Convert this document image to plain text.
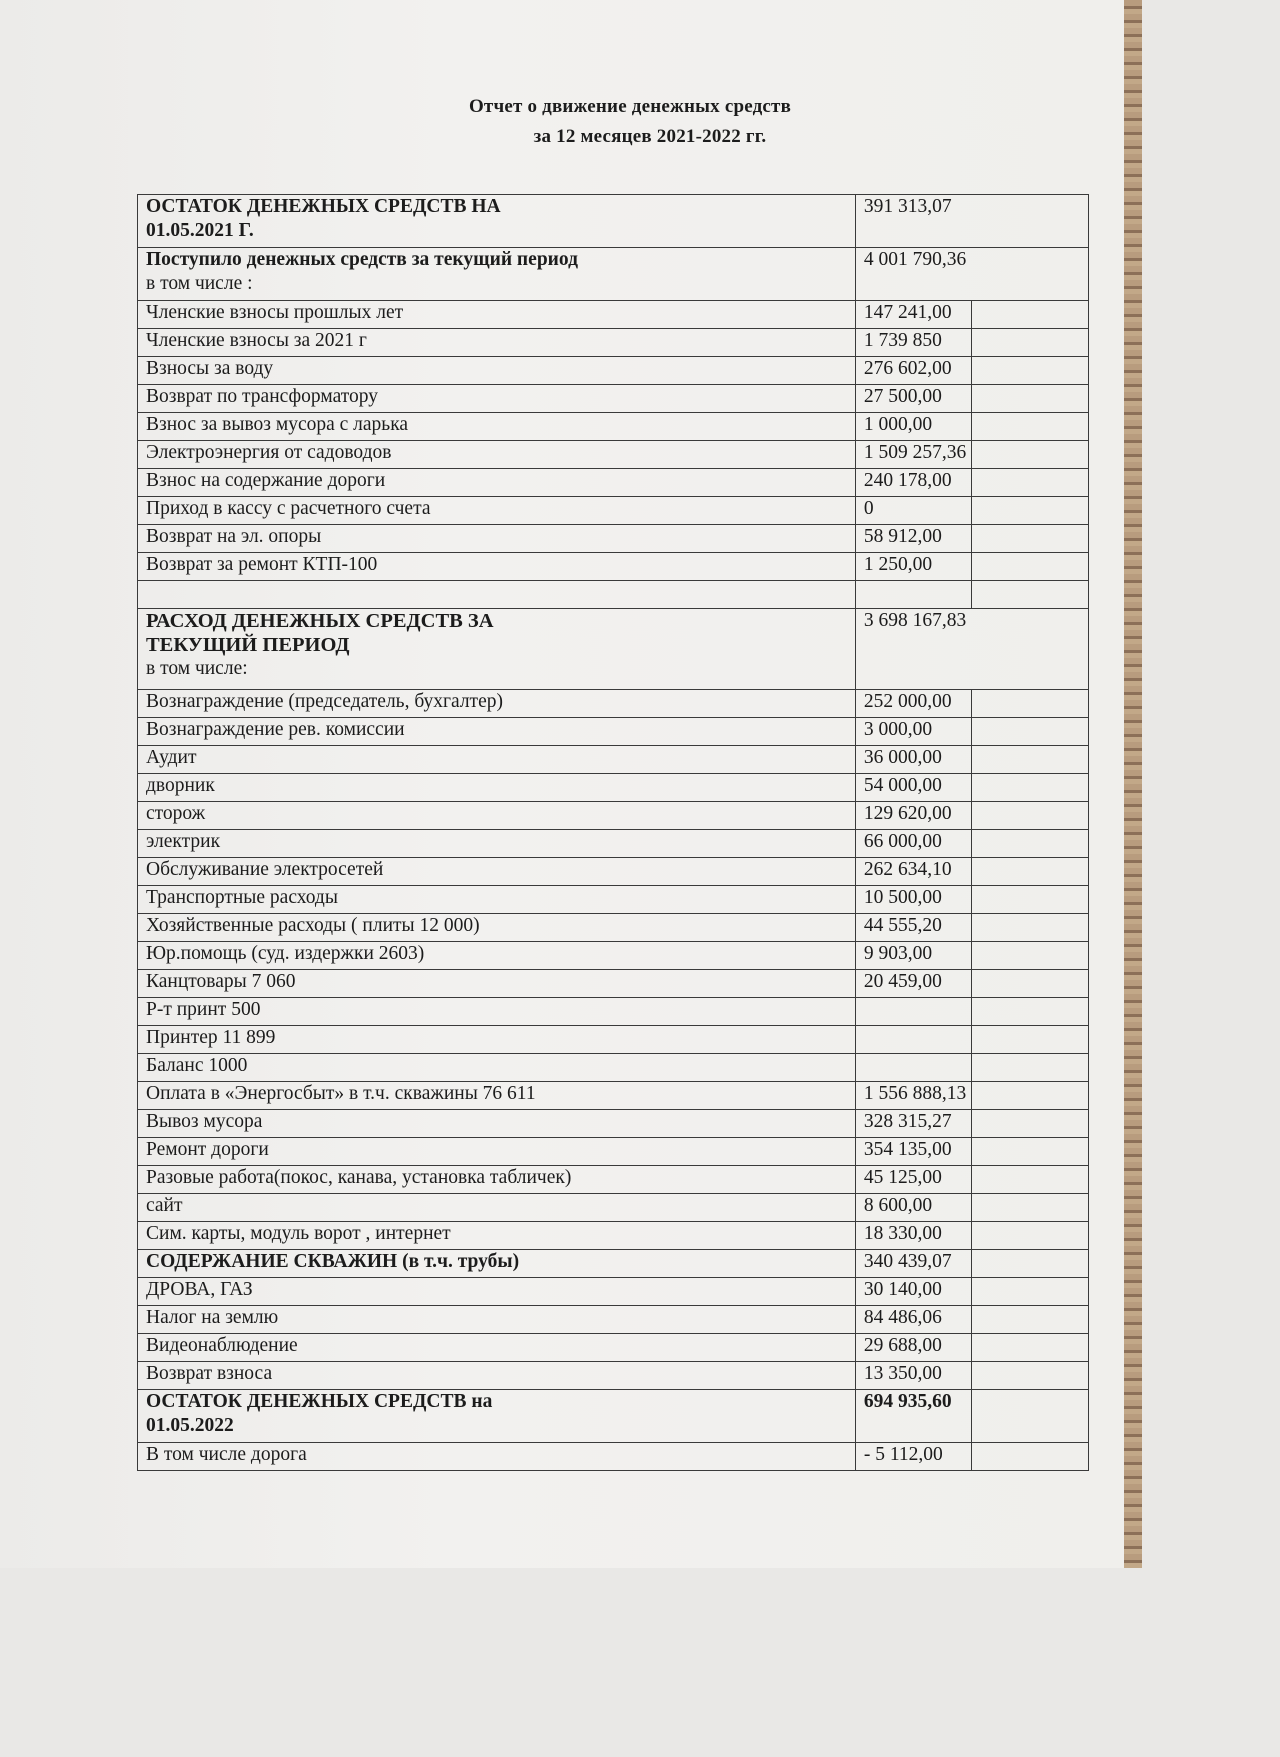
Отчет о движение денежных средств
за 12 месяцев 2021-2022 гг.
ОСТАТОК ДЕНЕЖНЫХ СРЕДСТВ НА
01.05.2021 Г.	391 313,07	

Поступило денежных средств за текущий период
в том числе :	4 001 790,36	
Членские взносы прошлых лет	147 241,00	
Членские взносы за 2021 г	1 739 850	
Взносы за воду	276 602,00	
Возврат по трансформатору	27 500,00	
Взнос за вывоз мусора с ларька	1 000,00	
Электроэнергия от садоводов	1 509 257,36	
Взнос на содержание дороги	240 178,00	
Приход в кассу с расчетного счета	0	
Возврат на эл. опоры	58 912,00	
Возврат за ремонт КТП-100	1 250,00	

РАСХОД ДЕНЕЖНЫХ СРЕДСТВ ЗА
ТЕКУЩИЙ ПЕРИОД
в том числе:	3 698 167,83	
Вознаграждение (председатель, бухгалтер)	252 000,00	
Вознаграждение рев. комиссии	3 000,00	
Аудит	36 000,00	
дворник	54 000,00	
сторож	129 620,00	
электрик	66 000,00	
Обслуживание электросетей	262 634,10	
Транспортные расходы	10 500,00	
Хозяйственные расходы ( плиты 12 000)	44 555,20	
Юр.помощь (суд. издержки 2603)	9 903,00	
Канцтовары 7 060	20 459,00	
Р-т принт 500		
Принтер 11 899		
Баланс 1000		
Оплата в «Энергосбыт» в т.ч. скважины 76 611	1 556 888,13	
Вывоз мусора	328 315,27	
Ремонт дороги	354 135,00	
Разовые работа(покос, канава, установка табличек)	45 125,00	
сайт	8 600,00	
Сим. карты, модуль ворот , интернет	18 330,00	
СОДЕРЖАНИЕ СКВАЖИН (в т.ч. трубы)	340 439,07	
ДРОВА, ГАЗ	30 140,00	
Налог на землю	84 486,06	
Видеонаблюдение	29 688,00	
Возврат взноса	13 350,00	

ОСТАТОК ДЕНЕЖНЫХ СРЕДСТВ на
01.05.2022	694 935,60	
В том числе дорога	- 5 112,00	
